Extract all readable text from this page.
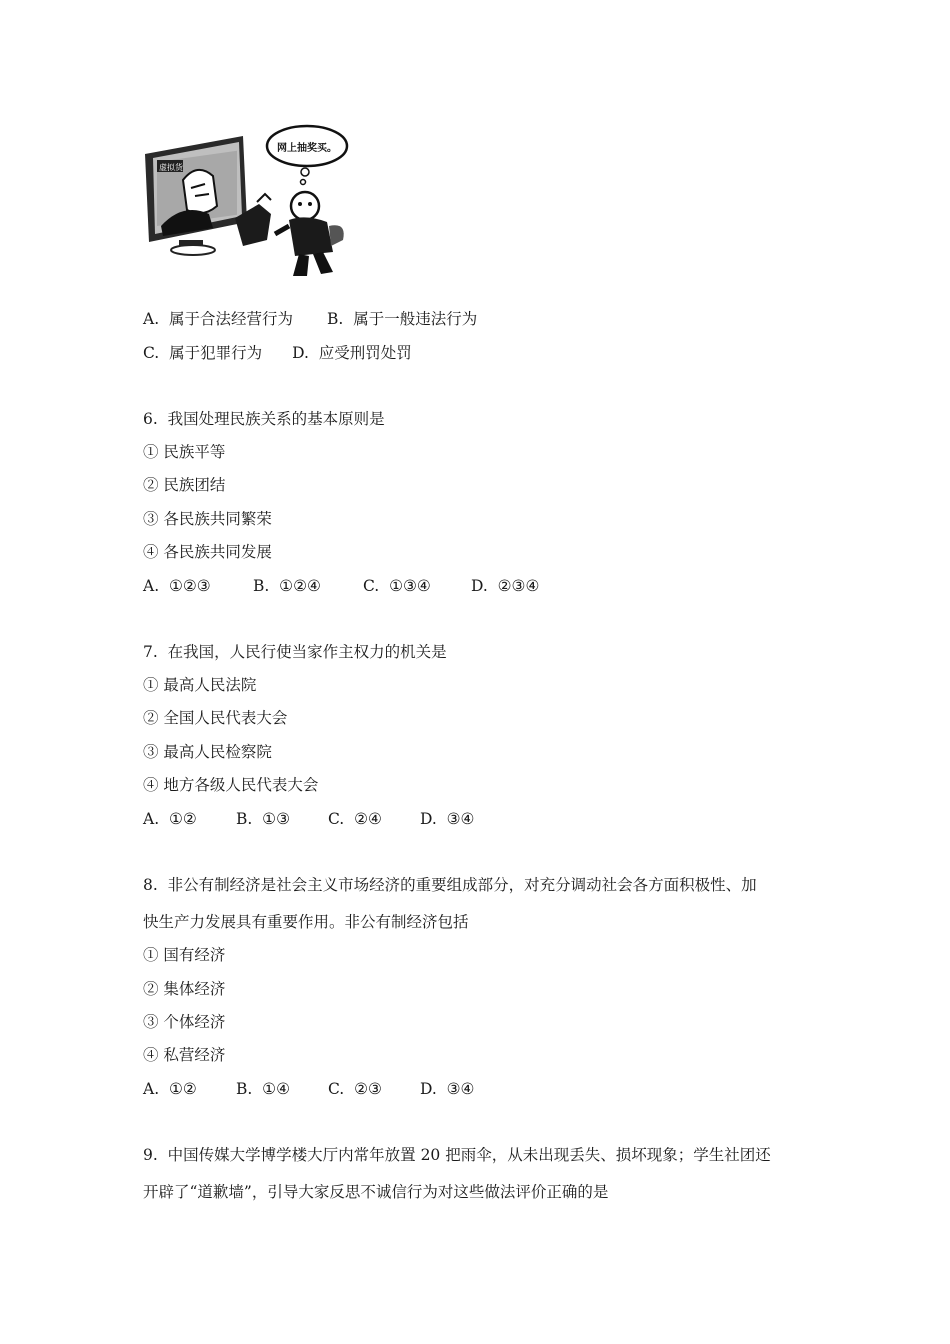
虚拟货
网上抽奖买。
A. 属于合法经营行为 B. 属于一般违法行为
C. 属于犯罪行为 D. 应受刑罚处罚
6.  我国处理民族关系的基本原则是
① 民族平等
② 民族团结
③ 各民族共同繁荣
④ 各民族共同发展
A.  ①②③	B.  ①②④	C.  ①③④	D.  ②③④
7.  在我国，人民行使当家作主权力的机关是
① 最高人民法院
② 全国人民代表大会
③ 最高人民检察院
④ 地方各级人民代表大会
A.  ①②	B.  ①③ C.  ②④ D.  ③④
8.  非公有制经济是社会主义市场经济的重要组成部分，对充分调动社会各方面积极性、加
快生产力发展具有重要作用。非公有制经济包括
① 国有经济
② 集体经济
③ 个体经济
④ 私营经济
A.  ①②	B.  ①④ C.  ②③ D.  ③④
9.  中国传媒大学博学楼大厅内常年放置 20 把雨伞，从未出现丢失、损坏现象；学生社团还
开辟了“道歉墙”，引导大家反思不诚信行为对这些做法评价正确的是
